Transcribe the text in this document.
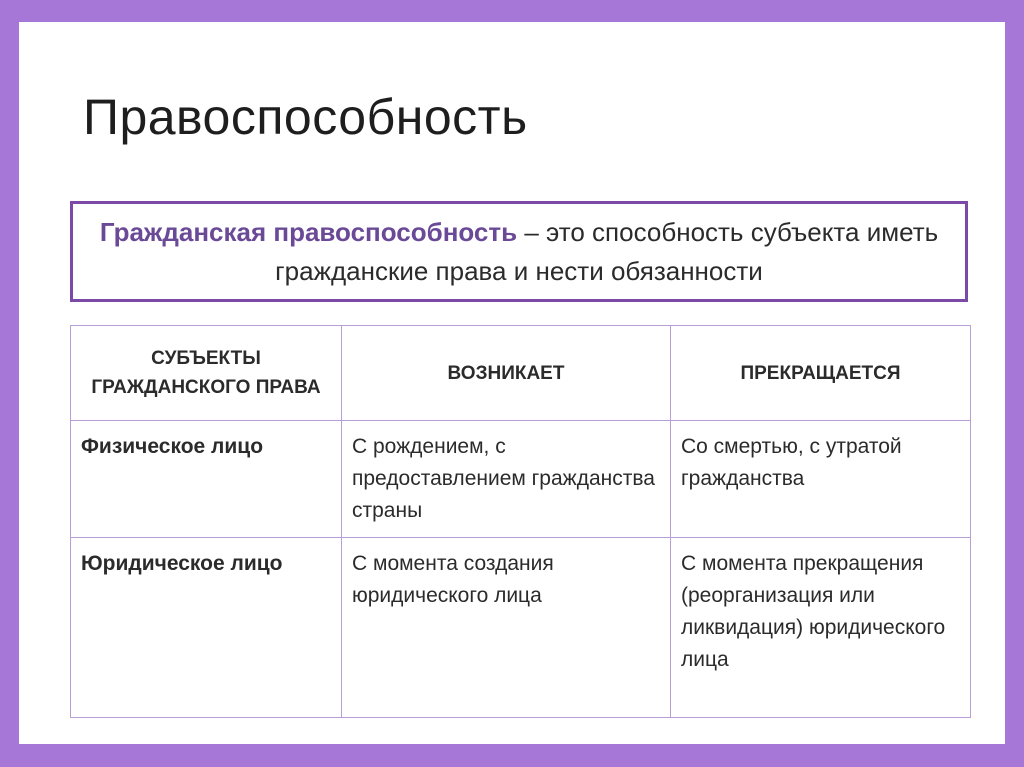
Правоспособность
Гражданская правоспособность – это способность субъекта иметь гражданские права и нести обязанности
СУБЪЕКТЫ ГРАЖДАНСКОГО ПРАВА	ВОЗНИКАЕТ	ПРЕКРАЩАЕТСЯ
Физическое лицо	С рождением, с предоставлением гражданства страны	Со смертью, с утратой гражданства
Юридическое лицо	С момента создания юридического лица	С момента прекращения (реорганизация или ликвидация) юридического лица
